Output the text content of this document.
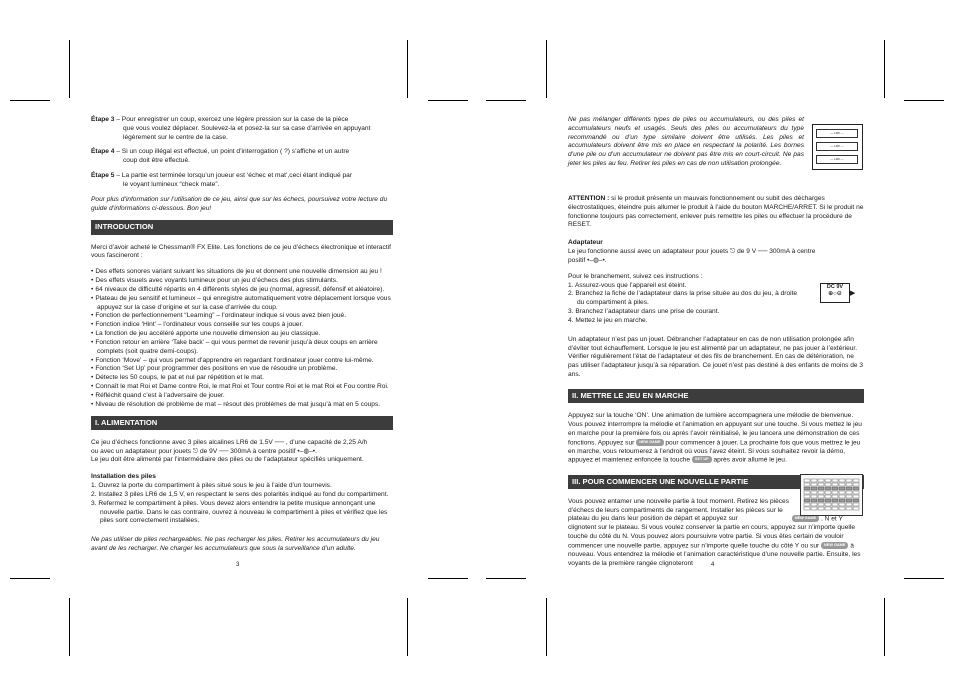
Étape 3 – Pour enregistrer un coup, exercez une légère pression sur la case de la pièce
que vous voulez déplacer. Soulevez-la et posez-la sur sa case d’arrivée en appuyant
légèrement sur le centre de la case.
Étape 4 – Si un coup illégal est effectué, un point d’interrogation ( ?) s’affiche et un autre
coup doit être effectué.
Étape 5 – La partie est terminée lorsqu’un joueur est ‘échec et mat’,ceci étant indiqué par
le voyant lumineux “check mate”.

Pour plus d’information sur l’utilisation de ce jeu, ainsi que sur les échecs, poursuivez votre lecture du guide d’informations ci-dessous. Bon jeu!

INTRODUCTION

Merci d’avoir acheté le Chessman® FX Elite. Les fonctions de ce jeu d’échecs électronique et interactif vous fascineront :

• Des effets sonores variant suivant les situations de jeu et donnent une nouvelle dimension au jeu !
• Des effets visuels avec voyants lumineux pour un jeu d’échecs des plus stimulants.
• 64 niveaux de difficulté répartis en 4 différents styles de jeu (normal, agressif, défensif et aléatoire).
• Plateau de jeu sensitif et lumineux – qui enregistre automatiquement votre déplacement lorsque vous appuyez sur la case d’origine et sur la case d’arrivée du coup.
• Fonction de perfectionnement “Learning” – l’ordinateur indique si vous avez bien joué.
• Fonction indice ‘Hint’ – l’ordinateur vous conseille sur les coups à jouer.
• La fonction de jeu accéléré apporte une nouvelle dimension au jeu classique.
• Fonction retour en arrière ‘Take back’ – qui vous permet de revenir jusqu’à deux coups en arrière complets (soit quatre demi-coups).
• Fonction ‘Move’ – qui vous permet d’apprendre en regardant l’ordinateur jouer contre lui-même.
• Fonction ‘Set Up’ pour programmer des positions en vue de résoudre un problème.
• Détecte les 50 coups, le pat et nul par répétition et le mat.
• Connaît le mat Roi et Dame contre Roi, le mat Roi et Tour contre Roi et le mat Roi et Fou contre Roi.
• Réfléchit quand c’est à l’adversaire de jouer.
• Niveau de résolution de problème de mat – résout des problèmes de mat jusqu’à mat en 5 coups.
I. ALIMENTATION

Ce jeu d’échecs fonctionne avec 3 piles alcalines LR6 de 1.5V ── , d’une capacité de 2,25 A/h
ou avec un adaptateur pour jouets ⎋ de 9V ── 300mA à centre positif •–◍–•.
Le jeu doit être alimenté par l’intermédiaire des piles ou de l’adaptateur spécifiés uniquement.

Installation des piles

1. Ouvrez la porte du compartiment à piles situé sous le jeu à l’aide d’un tournevis.
2. Installez 3 piles LR6 de 1,5 V, en respectant le sens des polarités indiqué au fond du compartiment.
3. Refermez le compartiment à piles. Vous devez alors entendre la petite musique annonçant une nouvelle partie. Dans le cas contraire, ouvrez à nouveau le compartiment à piles et vérifiez que les piles sont correctement installées.

Ne pas utiliser de piles rechargeables. Ne pas recharger les piles. Retirer les accumulateurs du jeu avant de les recharger. Ne charger les accumulateurs que sous la surveillance d’un adulte.

3

Ne pas mélanger différents types de piles ou accumulateurs, ou des piles et accumulateurs neufs et usagés. Seuls des piles ou accumulateurs du type recommandé ou d’un type similaire doivent être utilisés. Les piles et accumulateurs doivent être mis en place en respectant la polarité. Les bornes d’une pile ou d’un accumulateur ne doivent pas être mis en court-circuit. Ne pas jeter les piles au feu. Retirer les piles en cas de non utilisation prolongée.

— LR6 —
— LR6 —
— LR6 —

ATTENTION : si le produit présente un mauvais fonctionnement ou subit des décharges électrostatiques, éteindre puis allumer le produit à l’aide du bouton MARCHE/ARRET. Si le produit ne fonctionne toujours pas correctement, enlever puis remettre les piles ou effectuer la procédure de RESET.

Adaptateur

Le jeu fonctionne aussi avec un adaptateur pour jouets ⎋ de 9 V ── 300mA à centre
positif •–◍–•.

Pour le branchement, suivez ces instructions :

1. Assurez-vous que l’appareil est éteint.
2. Branchez la fiche de l’adaptateur dans la prise située au dos du jeu, à droite du compartiment à piles.
3. Branchez l’adaptateur dans une prise de courant.
4. Mettez le jeu en marche.

Un adaptateur n’est pas un jouet. Débrancher l’adaptateur en cas de non utilisation prolongée afin d’éviter tout échauffement. Lorsque le jeu est alimenté par un adaptateur, ne pas jouer à l’extérieur. Vérifier régulièrement l’état de l’adaptateur et des fils de branchement. En cas de détérioration, ne pas utiliser l’adaptateur jusqu’à sa réparation. Ce jouet n’est pas destiné à des enfants de moins de 3 ans.

II. METTRE LE JEU EN MARCHE

Appuyez sur la touche ‘ON’. Une animation de lumière accompagnera une mélodie de bienvenue. Vous pouvez interrompre la mélodie et l’animation en appuyant sur une touche. Si vous mettez le jeu en marche pour la première fois ou après l’avoir réinitialisé, le jeu lancera une démonstration de ces fonctions. Appuyez sur NEW GAME pour commencer à jouer. La prochaine fois que vous mettrez le jeu en marche, vous retournerez à l’endroit où vous l’avez éteint. Si vous souhaitez revoir la démo, appuyez et maintenez enfoncée la touche SET UP après avoir allumé le jeu.

III. POUR COMMENCER UNE NOUVELLE PARTIE

Vous pouvez entamer une nouvelle partie à tout moment. Retirez les pièces d’échecs de leurs compartiments de rangement. Installer les pièces sur le plateau du jeu dans leur position de départ et appuyez sur	NEW GAME . N et Y clignotent sur le plateau. Si vous voulez conserver la partie en cours, appuyez sur n’importe quelle touche du côté du N. Vous pouvez alors poursuivre votre partie. Si vous êtes certain de vouloir commencer une nouvelle partie, appuyez sur n’importe quelle touche du côté Y ou sur NEW GAME à nouveau. Vous entendrez la mélodie et l’animation caractéristique d’une nouvelle partie. Ensuite, les voyants de la première rangée clignoteront

DC 9V
⊕○⊝	▶
4
